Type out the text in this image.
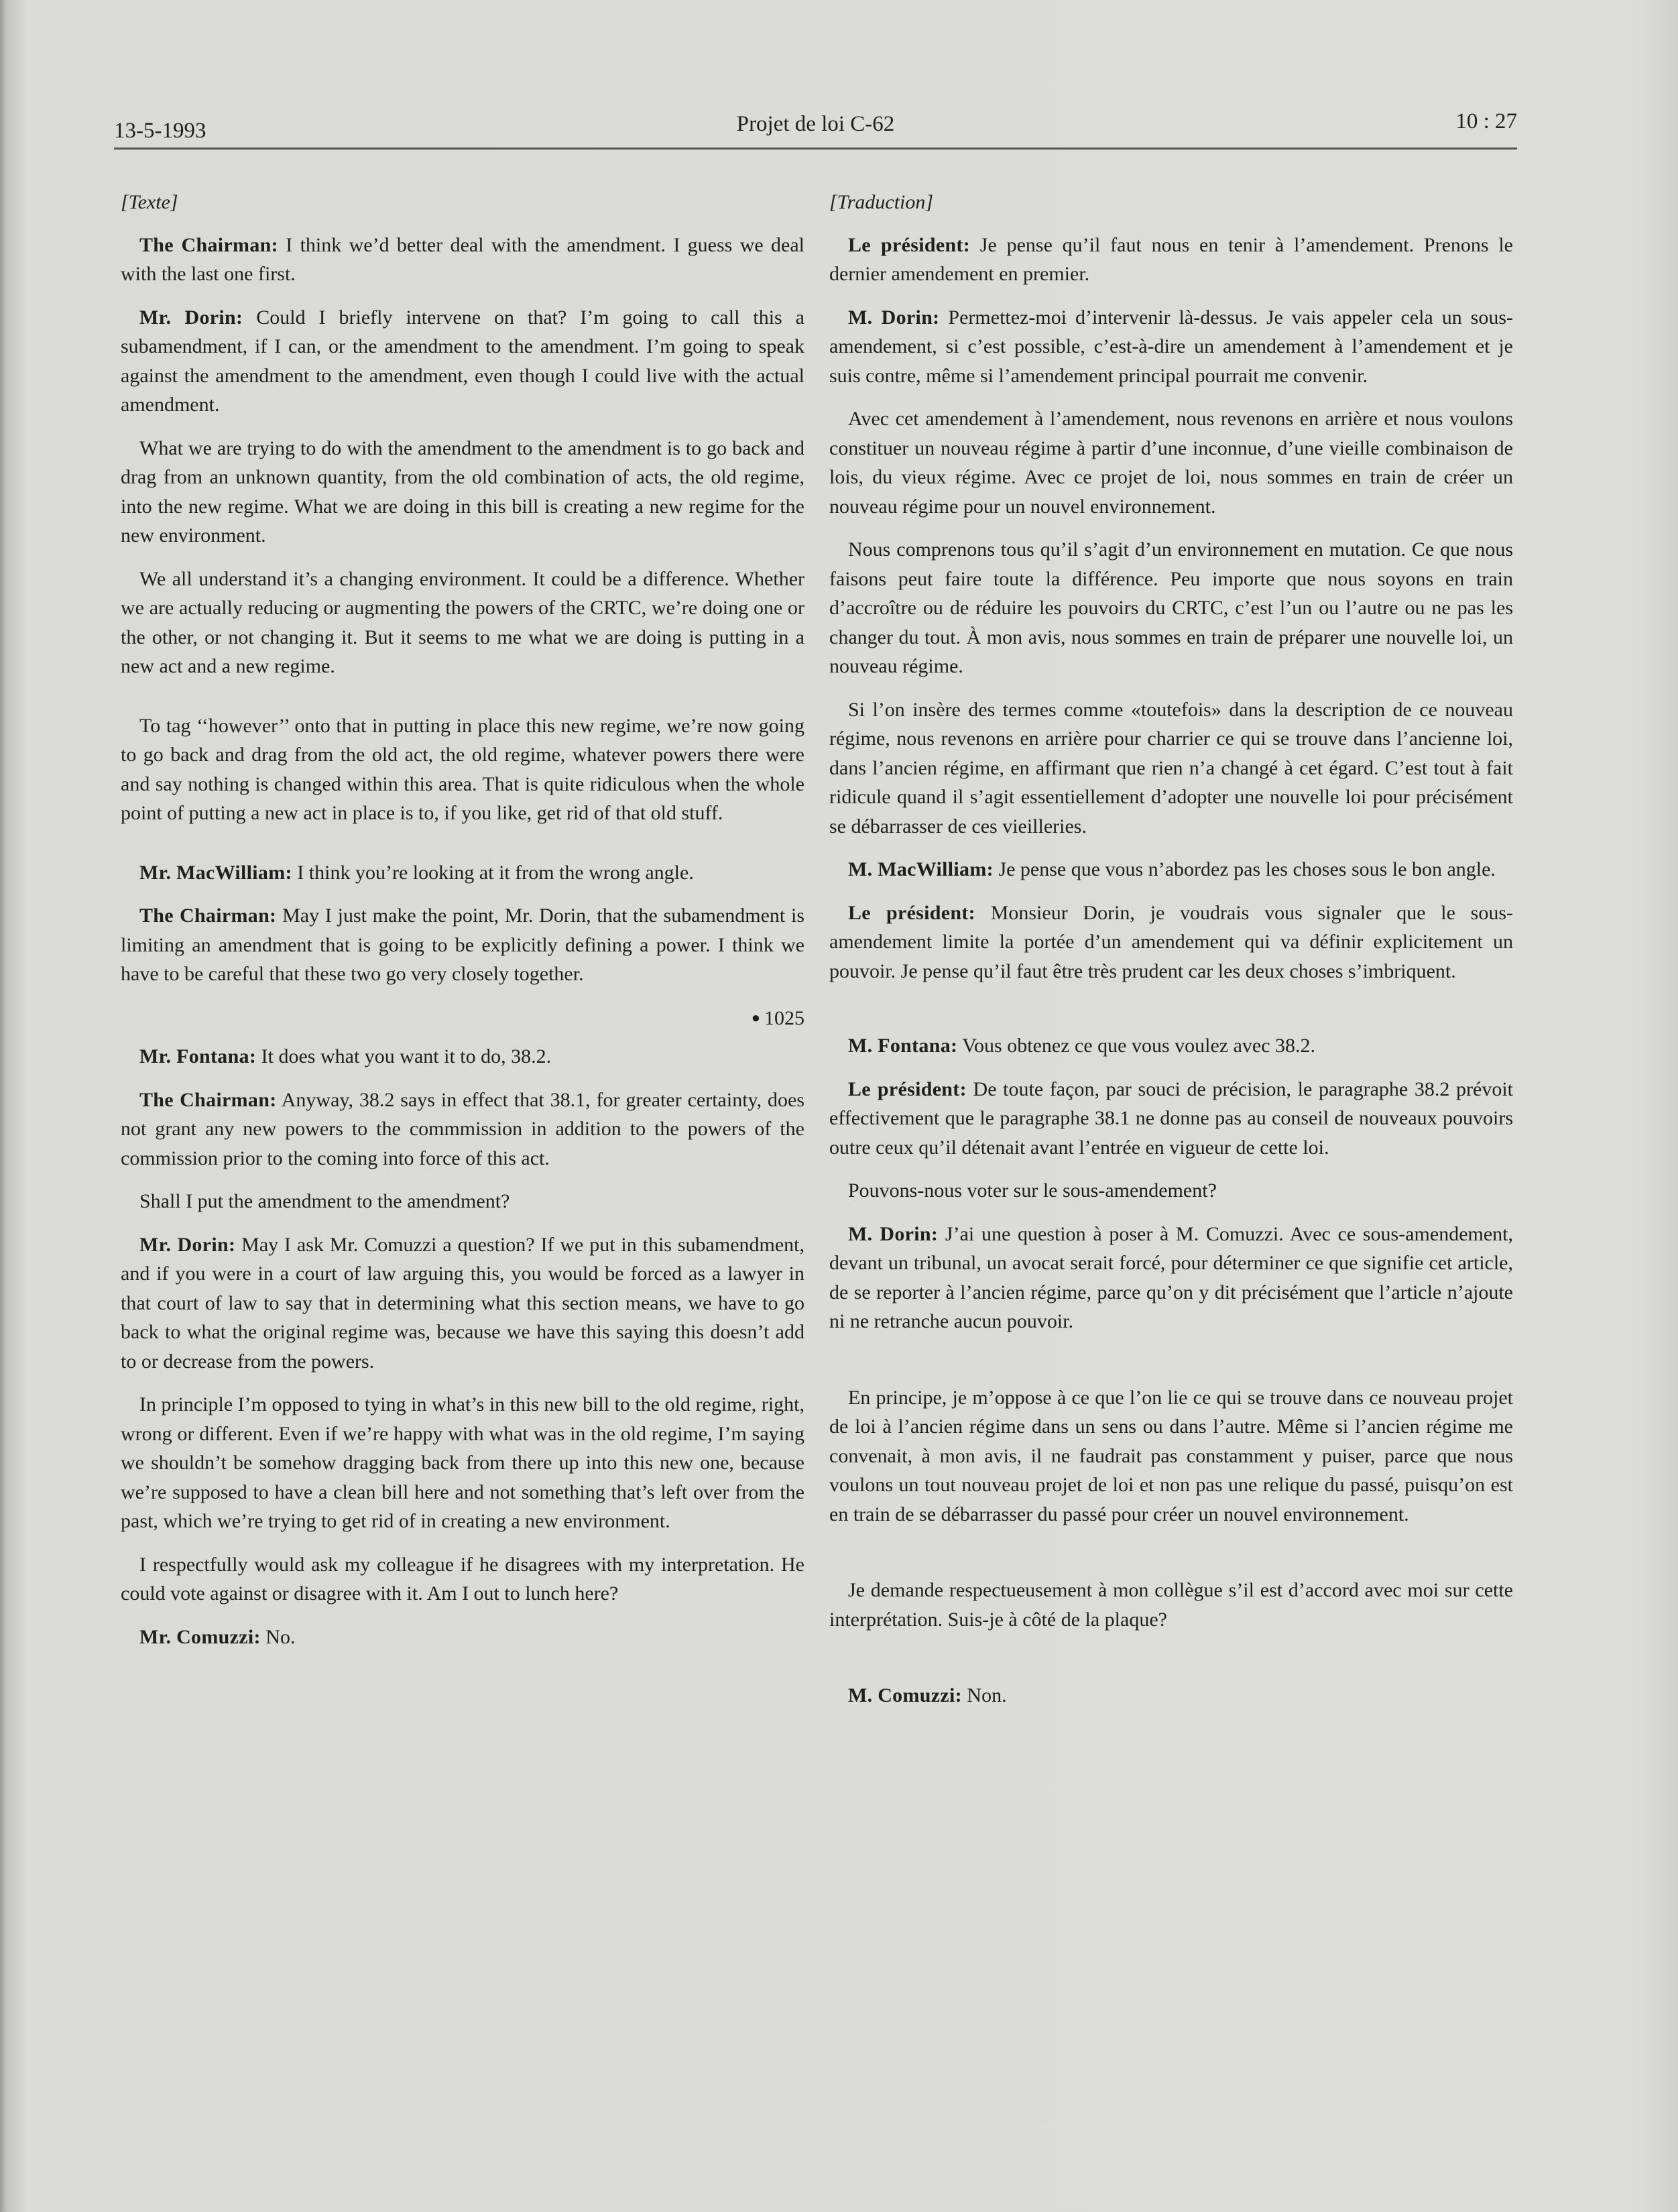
13-5-1993	Projet de loi C-62	10 : 27

[Texte]

The Chairman: I think we’d better deal with the amendment. I guess we deal with the last one first.

Mr. Dorin: Could I briefly intervene on that? I’m going to call this a subamendment, if I can, or the amendment to the amendment. I’m going to speak against the amendment to the amendment, even though I could live with the actual amendment.

What we are trying to do with the amendment to the amendment is to go back and drag from an unknown quantity, from the old combination of acts, the old regime, into the new regime. What we are doing in this bill is creating a new regime for the new environment.

We all understand it’s a changing environment. It could be a difference. Whether we are actually reducing or augmenting the powers of the CRTC, we’re doing one or the other, or not changing it. But it seems to me what we are doing is putting in a new act and a new regime.

To tag ‘‘however’’ onto that in putting in place this new regime, we’re now going to go back and drag from the old act, the old regime, whatever powers there were and say nothing is changed within this area. That is quite ridiculous when the whole point of putting a new act in place is to, if you like, get rid of that old stuff.

Mr. MacWilliam: I think you’re looking at it from the wrong angle.

The Chairman: May I just make the point, Mr. Dorin, that the subamendment is limiting an amendment that is going to be explicitly defining a power. I think we have to be careful that these two go very closely together.

● 1025

Mr. Fontana: It does what you want it to do, 38.2.

The Chairman: Anyway, 38.2 says in effect that 38.1, for greater certainty, does not grant any new powers to the commmission in addition to the powers of the commission prior to the coming into force of this act.

Shall I put the amendment to the amendment?

Mr. Dorin: May I ask Mr. Comuzzi a question? If we put in this subamendment, and if you were in a court of law arguing this, you would be forced as a lawyer in that court of law to say that in determining what this section means, we have to go back to what the original regime was, because we have this saying this doesn’t add to or decrease from the powers.

In principle I’m opposed to tying in what’s in this new bill to the old regime, right, wrong or different. Even if we’re happy with what was in the old regime, I’m saying we shouldn’t be somehow dragging back from there up into this new one, because we’re supposed to have a clean bill here and not something that’s left over from the past, which we’re trying to get rid of in creating a new environment.

I respectfully would ask my colleague if he disagrees with my interpretation. He could vote against or disagree with it. Am I out to lunch here?

Mr. Comuzzi: No.

[Traduction]

Le président: Je pense qu’il faut nous en tenir à l’amendement. Prenons le dernier amendement en premier.

M. Dorin: Permettez-moi d’intervenir là-dessus. Je vais appeler cela un sous-amendement, si c’est possible, c’est-à-dire un amendement à l’amendement et je suis contre, même si l’amendement principal pourrait me convenir.

Avec cet amendement à l’amendement, nous revenons en arrière et nous voulons constituer un nouveau régime à partir d’une inconnue, d’une vieille combinaison de lois, du vieux régime. Avec ce projet de loi, nous sommes en train de créer un nouveau régime pour un nouvel environnement.

Nous comprenons tous qu’il s’agit d’un environnement en mutation. Ce que nous faisons peut faire toute la différence. Peu importe que nous soyons en train d’accroître ou de réduire les pouvoirs du CRTC, c’est l’un ou l’autre ou ne pas les changer du tout. À mon avis, nous sommes en train de préparer une nouvelle loi, un nouveau régime.

Si l’on insère des termes comme «toutefois» dans la description de ce nouveau régime, nous revenons en arrière pour charrier ce qui se trouve dans l’ancienne loi, dans l’ancien régime, en affirmant que rien n’a changé à cet égard. C’est tout à fait ridicule quand il s’agit essentiellement d’adopter une nouvelle loi pour précisément se débarrasser de ces vieilleries.

M. MacWilliam: Je pense que vous n’abordez pas les choses sous le bon angle.

Le président: Monsieur Dorin, je voudrais vous signaler que le sous-amendement limite la portée d’un amendement qui va définir explicitement un pouvoir. Je pense qu’il faut être très prudent car les deux choses s’imbriquent.

M. Fontana: Vous obtenez ce que vous voulez avec 38.2.

Le président: De toute façon, par souci de précision, le paragraphe 38.2 prévoit effectivement que le paragraphe 38.1 ne donne pas au conseil de nouveaux pouvoirs outre ceux qu’il détenait avant l’entrée en vigueur de cette loi.

Pouvons-nous voter sur le sous-amendement?

M. Dorin: J’ai une question à poser à M. Comuzzi. Avec ce sous-amendement, devant un tribunal, un avocat serait forcé, pour déterminer ce que signifie cet article, de se reporter à l’ancien régime, parce qu’on y dit précisément que l’article n’ajoute ni ne retranche aucun pouvoir.

En principe, je m’oppose à ce que l’on lie ce qui se trouve dans ce nouveau projet de loi à l’ancien régime dans un sens ou dans l’autre. Même si l’ancien régime me convenait, à mon avis, il ne faudrait pas constamment y puiser, parce que nous voulons un tout nouveau projet de loi et non pas une relique du passé, puisqu’on est en train de se débarrasser du passé pour créer un nouvel environnement.

Je demande respectueusement à mon collègue s’il est d’accord avec moi sur cette interprétation. Suis-je à côté de la plaque?

M. Comuzzi: Non.
